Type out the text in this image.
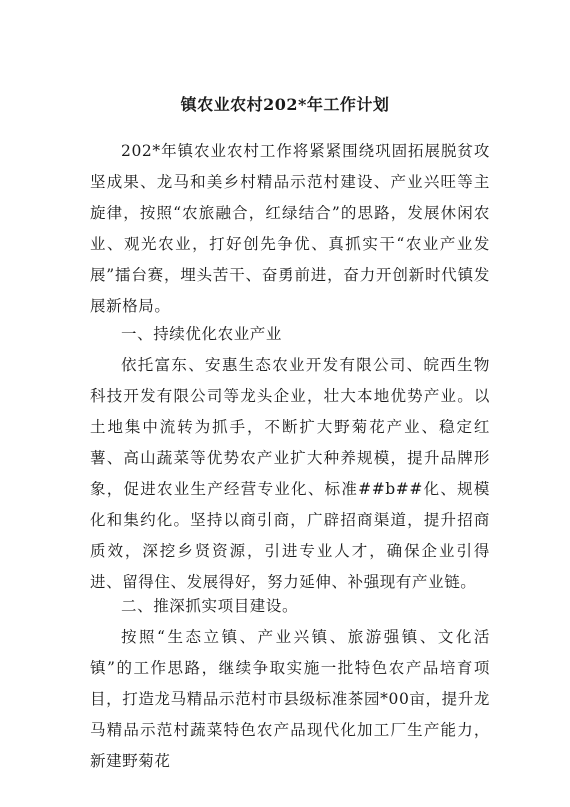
镇农业农村202*年工作计划
202*年镇农业农村工作将紧紧围绕巩固拓展脱贫攻坚成果、龙马和美乡村精品示范村建设、产业兴旺等主旋律，按照“农旅融合，红绿结合”的思路，发展休闲农业、观光农业，打好创先争优、真抓实干“农业产业发展”擂台赛，埋头苦干、奋勇前进，奋力开创新时代镇发展新格局。
一、持续优化农业产业
依托富东、安惠生态农业开发有限公司、皖西生物科技开发有限公司等龙头企业，壮大本地优势产业。以土地集中流转为抓手，不断扩大野菊花产业、稳定红薯、高山蔬菜等优势农产业扩大种养规模，提升品牌形象，促进农业生产经营专业化、标准##b##化、规模化和集约化。坚持以商引商，广辟招商渠道，提升招商质效，深挖乡贤资源，引进专业人才，确保企业引得进、留得住、发展得好，努力延伸、补强现有产业链。
二、推深抓实项目建设。
按照“生态立镇、产业兴镇、旅游强镇、文化活镇”的工作思路，继续争取实施一批特色农产品培育项目，打造龙马精品示范村市县级标准茶园*00亩，提升龙马精品示范村蔬菜特色农产品现代化加工厂生产能力，新建野菊花
